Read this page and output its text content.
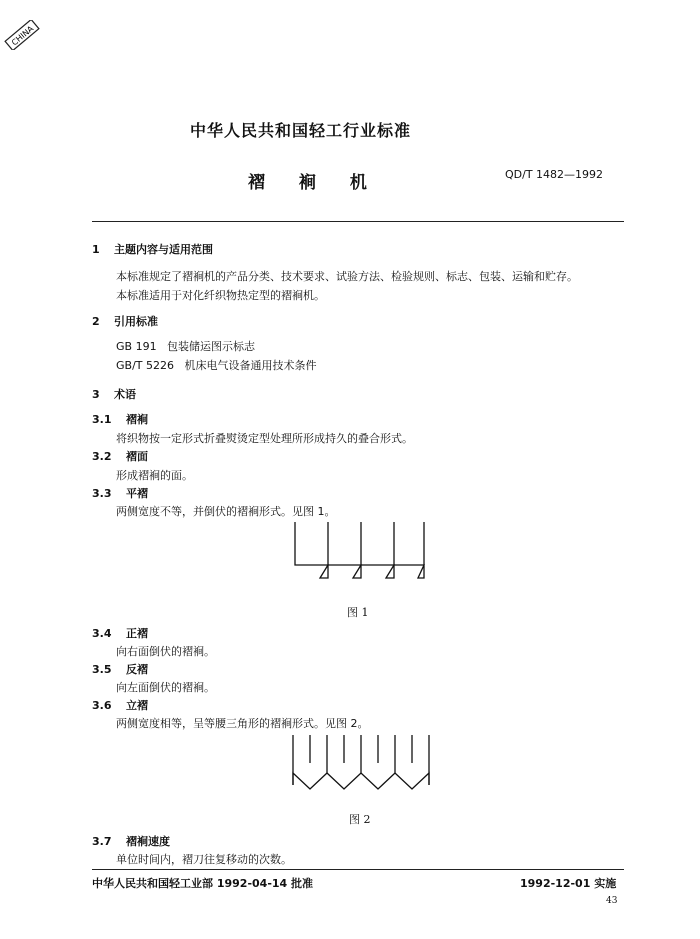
CHINA
中华人民共和国轻工行业标准
褶 裥 机	QD/T 1482—1992
1 主题内容与适用范围
本标准规定了褶裥机的产品分类、技术要求、试验方法、检验规则、标志、包装、运输和贮存。
本标准适用于对化纤织物热定型的褶裥机。
2 引用标准
GB 191   包装储运图示标志
GB/T 5226   机床电气设备通用技术条件
3 术语
3.1 褶裥
将织物按一定形式折叠熨烫定型处理所形成持久的叠合形式。
3.2 褶面
形成褶裥的面。
3.3 平褶
两侧宽度不等，并倒伏的褶裥形式。见图 1。
图 1
3.4 正褶
向右面倒伏的褶裥。
3.5 反褶
向左面倒伏的褶裥。
3.6 立褶
两侧宽度相等，呈等腰三角形的褶裥形式。见图 2。
图 2
3.7 褶裥速度
单位时间内，褶刀往复移动的次数。
中华人民共和国轻工业部 1992-04-14 批准	1992-12-01 实施
43
